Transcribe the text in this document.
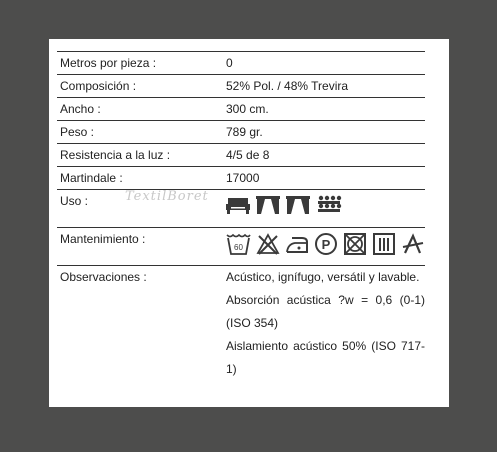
Metros por pieza :	0
Composición :	52% Pol. / 48% Trevira
Ancho :	300 cm.
Peso :	789 gr.
Resistencia a la luz :	4/5 de 8
Martindale :	17000
Uso :	

Mantenimiento :	60 P

Observaciones :	Acústico, ignífugo, versátil y lavable.

Absorción acústica ?w = 0,6 (0-1) (ISO 354)

Aislamiento acústico 50% (ISO 717-1)

TextilBoret
